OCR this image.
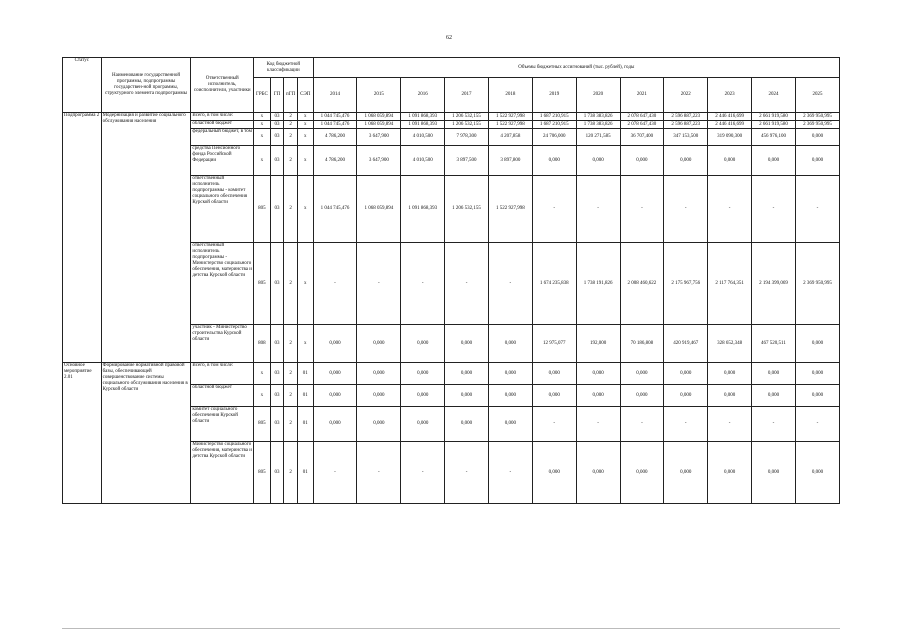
62
Статус	Наименование государственной программы, подпрограммы государствен-ной программы, структурного элемента подпрограммы	Ответственный исполнитель, соисполнители, участники	Код бюджетной классификации				Объемы бюджетных ассигнований (тыс. рублей), годы											
			ГРБС	ГП	пГП	СЭП	2014	2015	2016	2017	2018	2019	2020	2021	2022	2023	2024	2025
Подпрограмма 2	Модернизация и развитие социального обслуживания населения	Всего, в том числе:	х	03	2	х	1 044 745,476	1 068 059,894	1 091 868,393	1 206 532,155	1 522 927,998	1 687 210,915	1 738 383,826	2 078 647,430	2 596 887,223	2 446 416,699	2 661 919,580	2 369 950,995
		областной бюджет	х	03	2	х	1 044 745,476	1 068 059,894	1 091 868,393	1 206 532,155	1 522 927,998	1 687 210,915	1 738 383,826	2 078 647,430	2 596 887,223	2 446 416,699	2 661 919,580	2 369 950,995
		федеральный бюджет, в том	х	03	2	х	4 786,200	3 647,900	4 010,500	7 978,300	4 207,858	24 706,000	120 271,585	36 707,400	347 153,500	319 090,300	456 976,100	0,000
		средства Пенсионного фонда Российской Федерации	х	03	2	х	4 786,200	3 647,900	4 010,500	3 897,500	3 897,800	0,000	0,000	0,000	0,000	0,000	0,000	0,000
		ответственный исполнитель подпрограммы - комитет социального обеспечения Курской области	805	03	2	х	1 044 745,476	1 068 059,894	1 091 868,393	1 206 532,155	1 522 927,998	-	-	-	-	-	-	-
		ответственный исполнитель подпрограммы - Министерство социального обеспечения, материнства и детства Курской области	805	03	2	х	-	-	-	-	-	1 674 235,838	1 738 191,826	2 008 460,622	2 175 967,756	2 117 764,351	2 194 399,069	2 369 950,995
		участник - Министерство строительства Курской области	808	03	2	х	0,000	0,000	0,000	0,000	0,000	12 975,077	192,000	70 186,808	420 919,467	328 652,348	467 520,511	0,000
Основное мероприятие 2.01	Формирование нормативной правовой базы, обеспечивающей совершенствование системы социального обслуживания населения в Курской области	Всего, в том числе:	х	03	2	01	0,000	0,000	0,000	0,000	0,000	0,000	0,000	0,000	0,000	0,000	0,000	0,000
		областной бюджет	х	03	2	01	0,000	0,000	0,000	0,000	0,000	0,000	0,000	0,000	0,000	0,000	0,000	0,000
		комитет социального обеспечения Курской области	805	03	2	01	0,000	0,000	0,000	0,000	0,000	-	-	-	-	-	-	-
		Министерство социального обеспечения, материнства и детства Курской области	805	03	2	01	-	-	-	-	-	0,000	0,000	0,000	0,000	0,000	0,000	0,000
